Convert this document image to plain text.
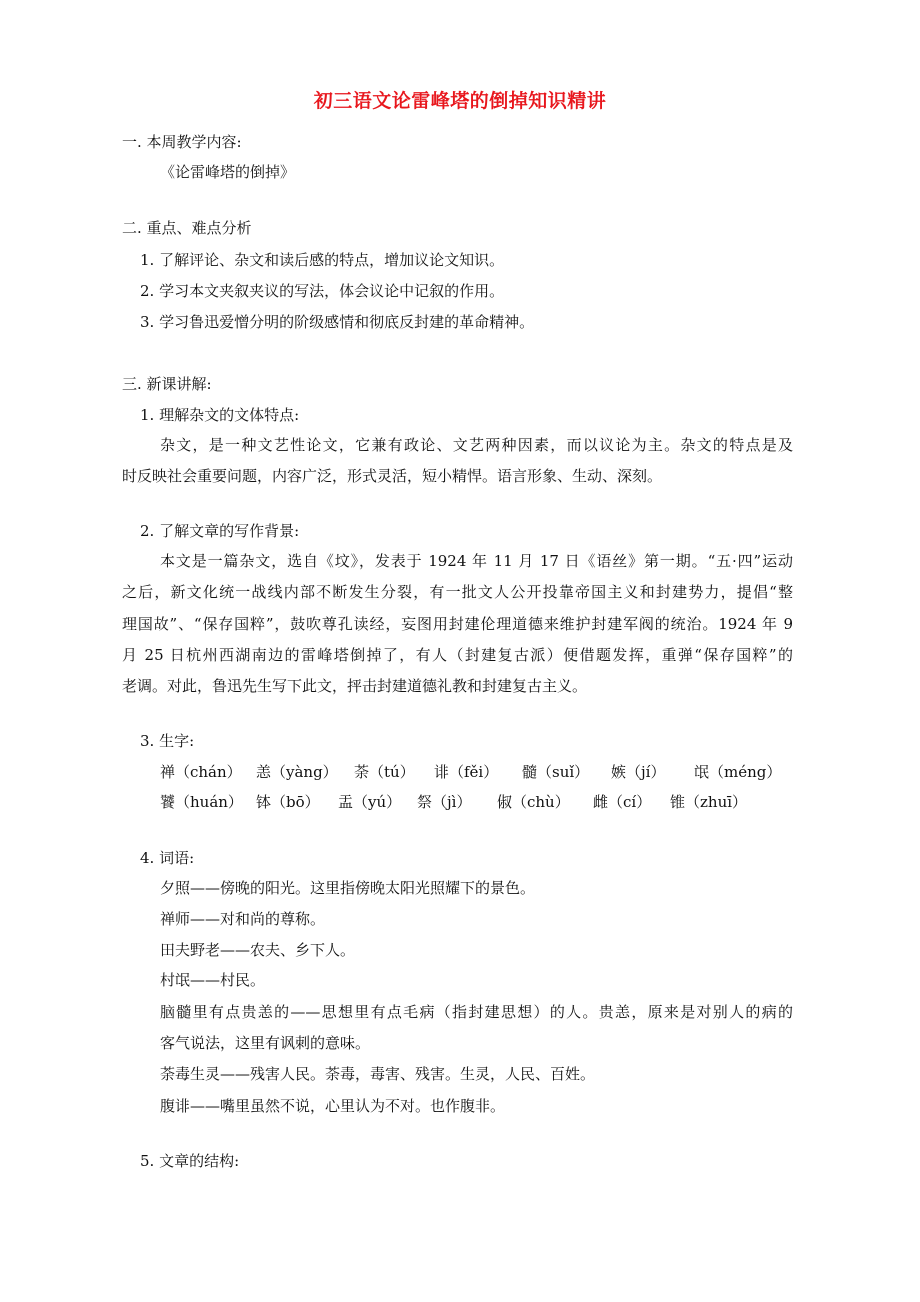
初三语文论雷峰塔的倒掉知识精讲
一. 本周教学内容:
《论雷峰塔的倒掉》
二. 重点、难点分析
1. 了解评论、杂文和读后感的特点，增加议论文知识。
2. 学习本文夹叙夹议的写法，体会议论中记叙的作用。
3. 学习鲁迅爱憎分明的阶级感情和彻底反封建的革命精神。
三. 新课讲解:
1. 理解杂文的文体特点:
杂文，是一种文艺性论文，它兼有政论、文艺两种因素，而以议论为主。杂文的特点是及
时反映社会重要问题，内容广泛，形式灵活，短小精悍。语言形象、生动、深刻。
2. 了解文章的写作背景:
本文是一篇杂文，选自《坟》，发表于 1924 年 11 月 17 日《语丝》第一期。“五·四”运动
之后，新文化统一战线内部不断发生分裂，有一批文人公开投靠帝国主义和封建势力，提倡“整
理国故”、“保存国粹”，鼓吹尊孔读经，妄图用封建伦理道德来维护封建军阀的统治。1924 年 9
月 25 日杭州西湖南边的雷峰塔倒掉了，有人（封建复古派）便借题发挥，重弹“保存国粹”的
老调。对此，鲁迅先生写下此文，抨击封建道德礼教和封建复古主义。
3. 生字:
禅（chán） 恙（yàng） 荼（tú） 诽（fěi） 髓（suǐ） 嫉（jí） 氓（méng）
饕（huán） 钵（bō） 盂（yú） 祭（jì） 俶（chù） 雌（cí） 锥（zhuī）
4. 词语:
夕照——傍晚的阳光。这里指傍晚太阳光照耀下的景色。
禅师——对和尚的尊称。
田夫野老——农夫、乡下人。
村氓——村民。
脑髓里有点贵恙的——思想里有点毛病（指封建思想）的人。贵恙，原来是对别人的病的
客气说法，这里有讽刺的意味。
荼毒生灵——残害人民。荼毒，毒害、残害。生灵，人民、百姓。
腹诽——嘴里虽然不说，心里认为不对。也作腹非。
5. 文章的结构:
